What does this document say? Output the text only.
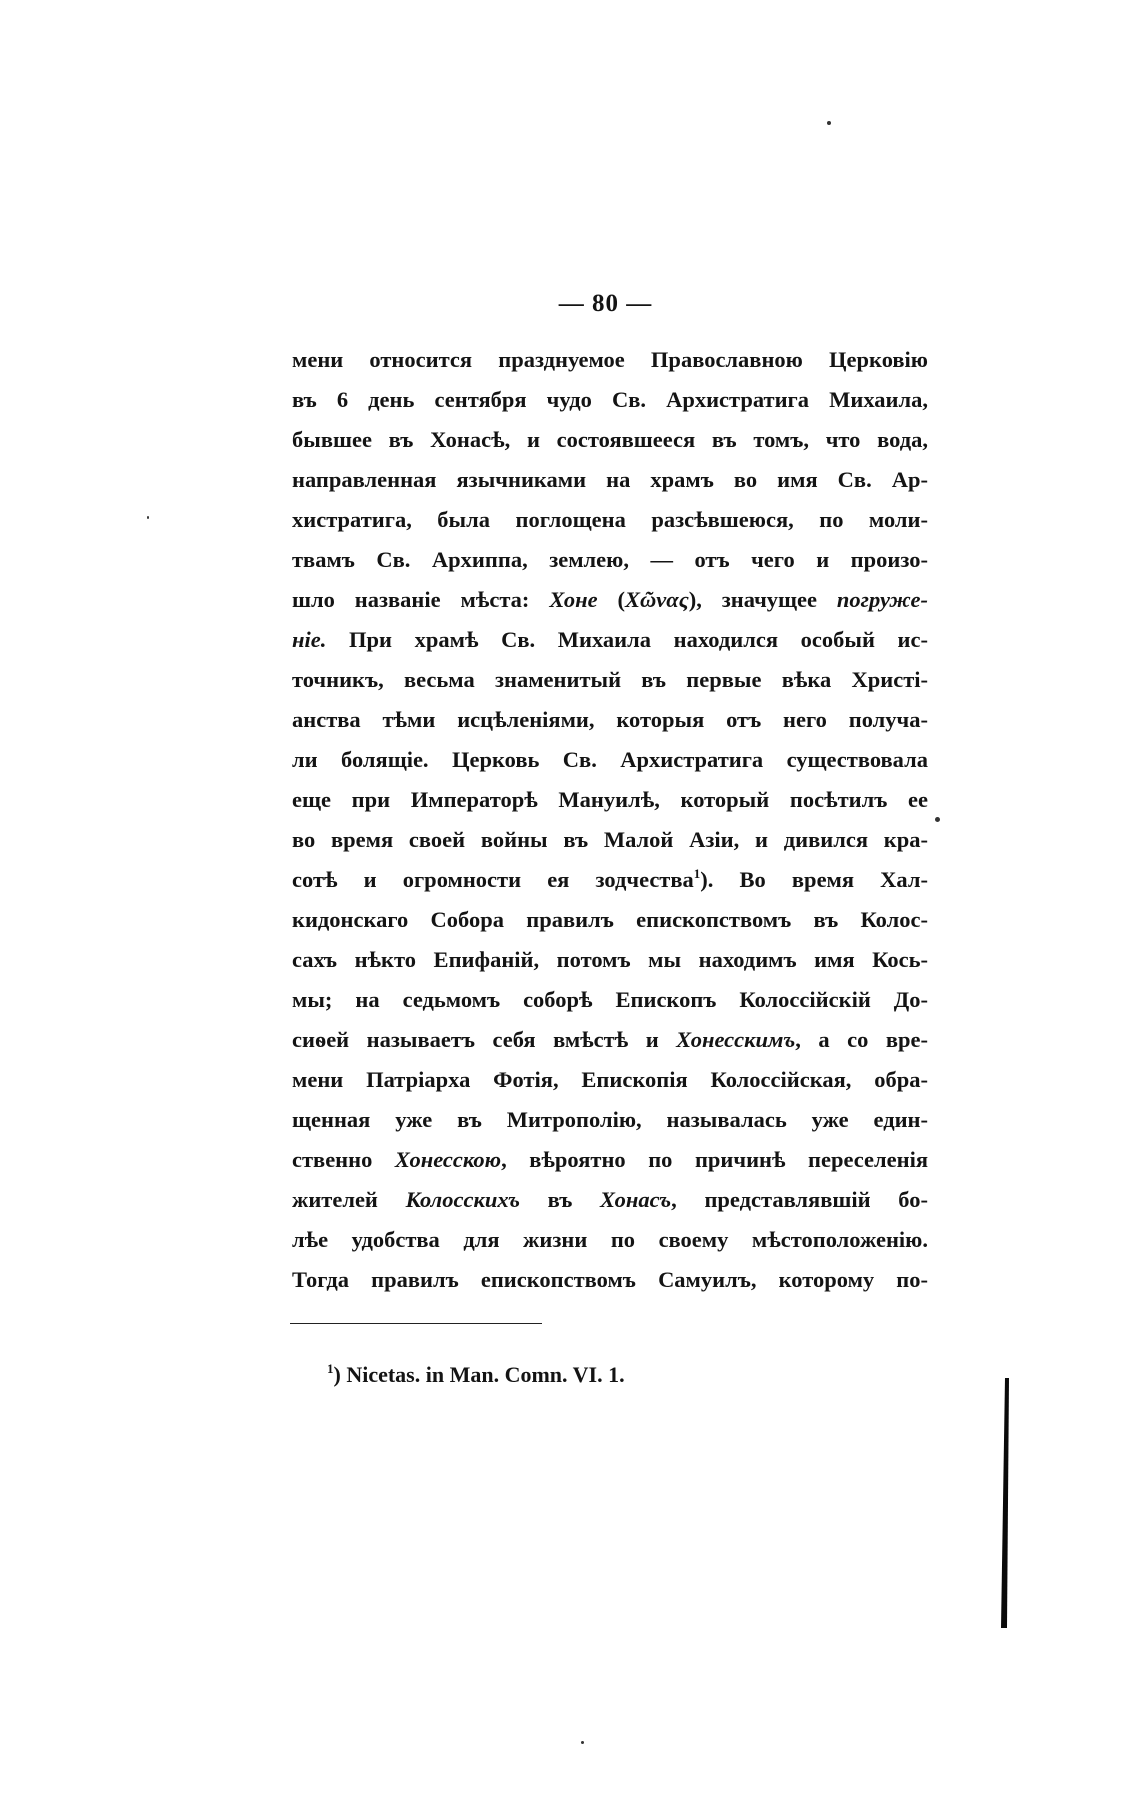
— 80 —
мени относится празднуемое Православною Церковію
въ 6 день сентября чудо Св. Архистратига Михаила,
бывшее въ Хонасѣ, и состоявшееся въ томъ, что вода,
направленная язычниками на храмъ во имя Св. Ар-
хистратига, была поглощена разсѣвшеюся, по моли-
твамъ Св. Архиппа, землею, — отъ чего и произо-
шло названіе мѣста: Хоне (Χῶνας), значущее погруже-
ніе. При храмѣ Св. Михаила находился особый ис-
точникъ, весьма знаменитый въ первые вѣка Христі-
анства тѣми исцѣленіями, которыя отъ него получа-
ли болящіе. Церковь Св. Архистратига существовала
еще при Императорѣ Мануилѣ, который посѣтилъ ее
во время своей войны въ Малой Азіи, и дивился кра-
сотѣ и огромности ея зодчества$^1$). Во время Хал-
кидонскаго Собора правилъ епископствомъ въ Колос-
сахъ нѣкто Епифаній, потомъ мы находимъ имя Кось-
мы; на седьмомъ соборѣ Епископъ Колоссійскій До-
сиѳей называетъ себя вмѣстѣ и Хонесскимъ, а со вре-
мени Патріарха Фотія, Епископія Колоссійская, обра-
щенная уже въ Митрополію, называлась уже един-
ственно Хонесскою, вѣроятно по причинѣ переселенія
жителей Колосскихъ въ Хонасъ, представлявшій бо-
лѣе удобства для жизни по своему мѣстоположенію.
Тогда правилъ епископствомъ Самуилъ, которому по-
$^1$) Nicetas. in Man. Comn. VI. 1.
